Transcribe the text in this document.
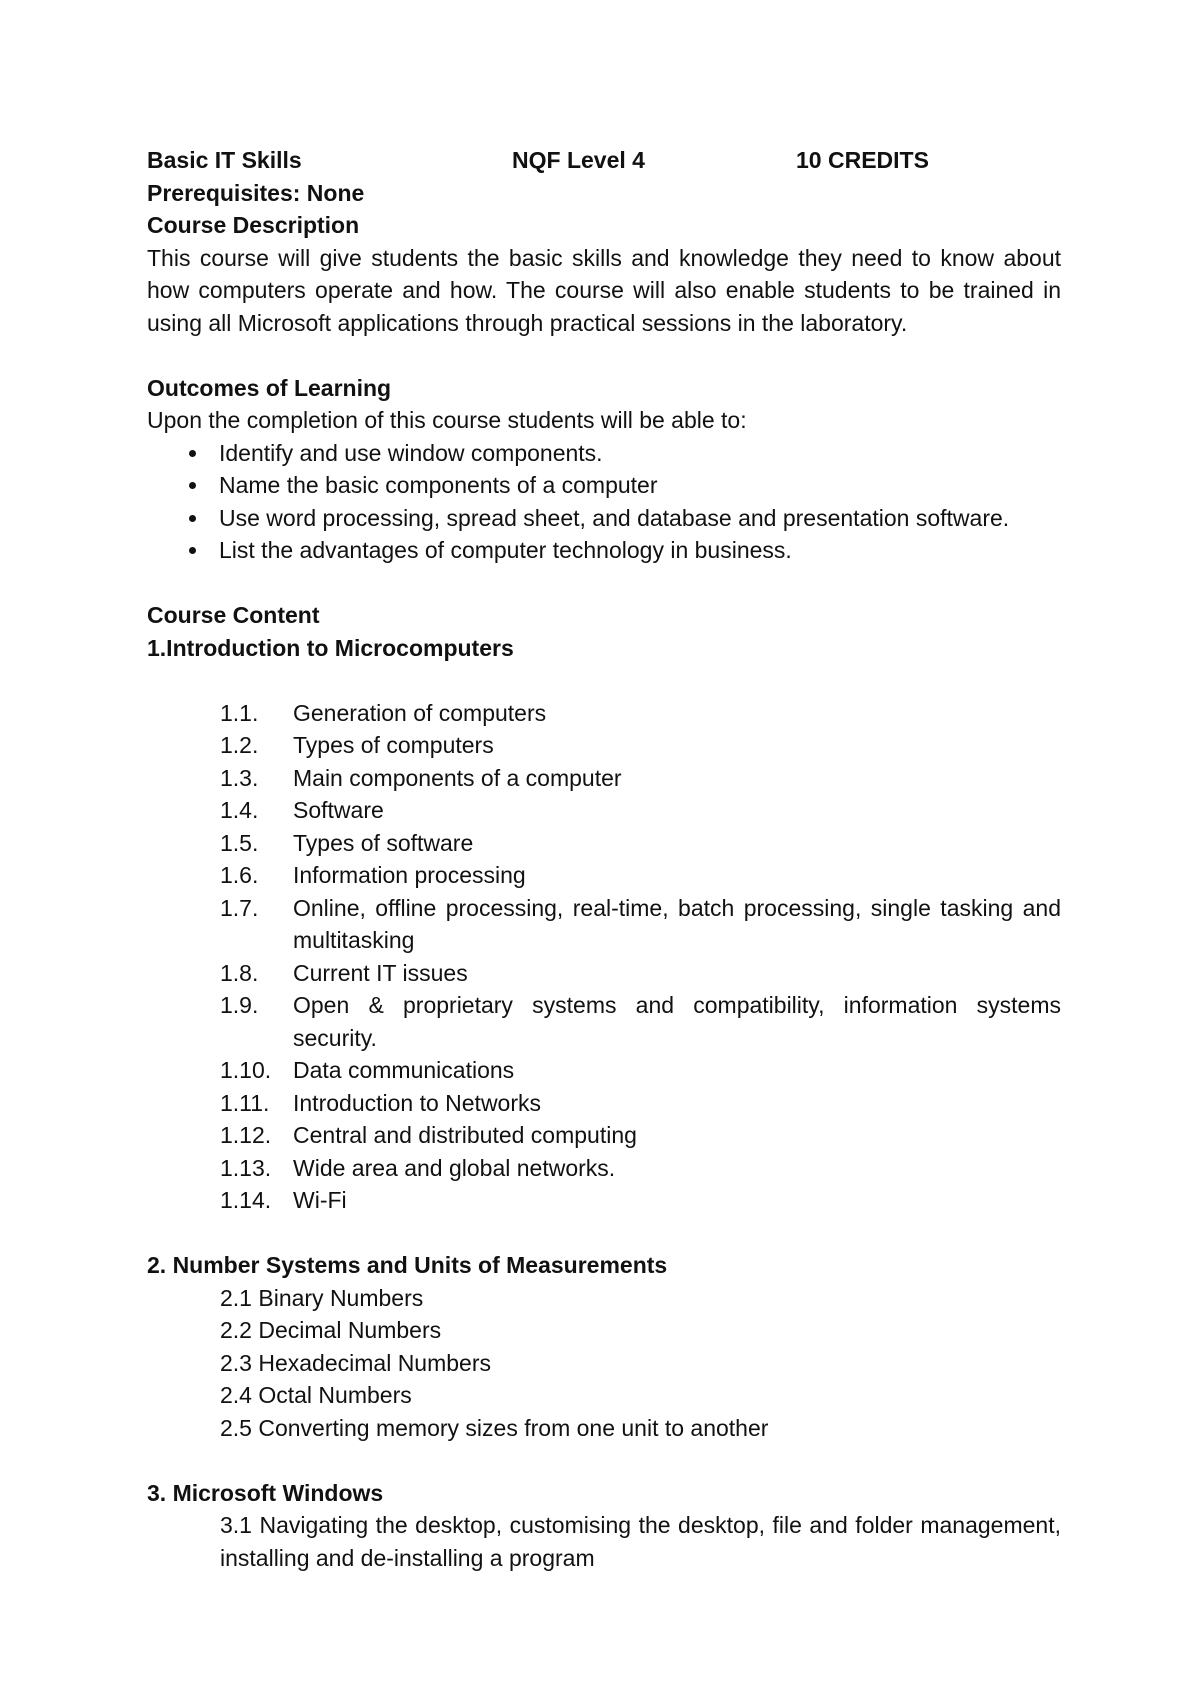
Basic IT Skills	NQF Level 4	10 CREDITS
Prerequisites: None
Course Description
This course will give students the basic skills and knowledge they need to know about how computers operate and how. The course will also enable students to be trained in using all Microsoft applications through practical sessions in the laboratory.
Outcomes of Learning
Upon the completion of this course students will be able to:
Identify and use window components.
Name the basic components of a computer
Use word processing, spread sheet, and database and presentation software.
List the advantages of computer technology in business.
Course Content
1.Introduction to Microcomputers
1.1. Generation of computers
1.2. Types of computers
1.3. Main components of a computer
1.4. Software
1.5. Types of software
1.6. Information processing
1.7. Online, offline processing, real-time, batch processing, single tasking and multitasking
1.8. Current IT issues
1.9. Open & proprietary systems and compatibility, information systems security.
1.10. Data communications
1.11. Introduction to Networks
1.12. Central and distributed computing
1.13. Wide area and global networks.
1.14. Wi-Fi
2. Number Systems and Units of Measurements
2.1 Binary Numbers
2.2 Decimal Numbers
2.3 Hexadecimal Numbers
2.4 Octal Numbers
2.5 Converting memory sizes from one unit to another
3. Microsoft Windows
3.1 Navigating the desktop, customising the desktop, file and folder management, installing and de-installing a program
